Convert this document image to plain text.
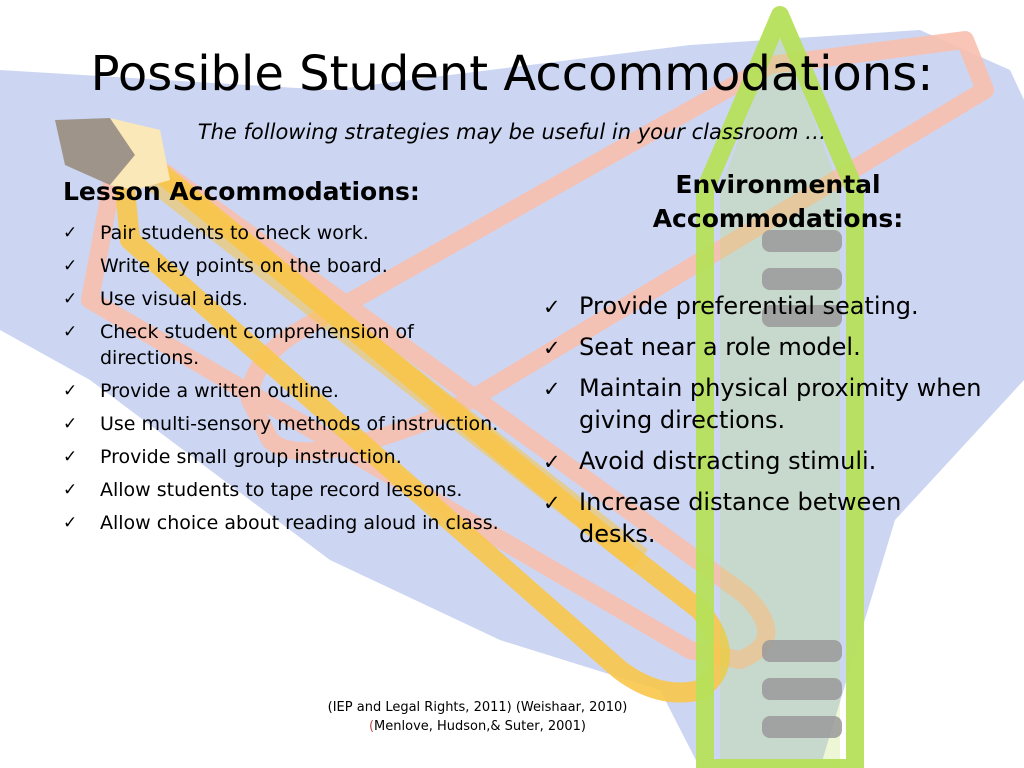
Possible Student Accommodations:
The following strategies may be useful in your classroom …
Lesson Accommodations:
✓ Pair students to check work.
✓ Write key points on the board.
✓ Use visual aids.
✓ Check student comprehension of directions.
✓ Provide a written outline.
✓ Use multi-sensory methods of instruction.
✓ Provide small group instruction.
✓ Allow students to tape record lessons.
✓ Allow choice about reading aloud in class.
Environmental
Accommodations:
✓ Provide preferential seating.
✓ Seat near a role model.
✓ Maintain physical proximity when giving directions.
✓ Avoid distracting stimuli.
✓ Increase distance between desks.
(IEP and Legal Rights, 2011) (Weishaar, 2010)
(Menlove, Hudson,& Suter, 2001)
